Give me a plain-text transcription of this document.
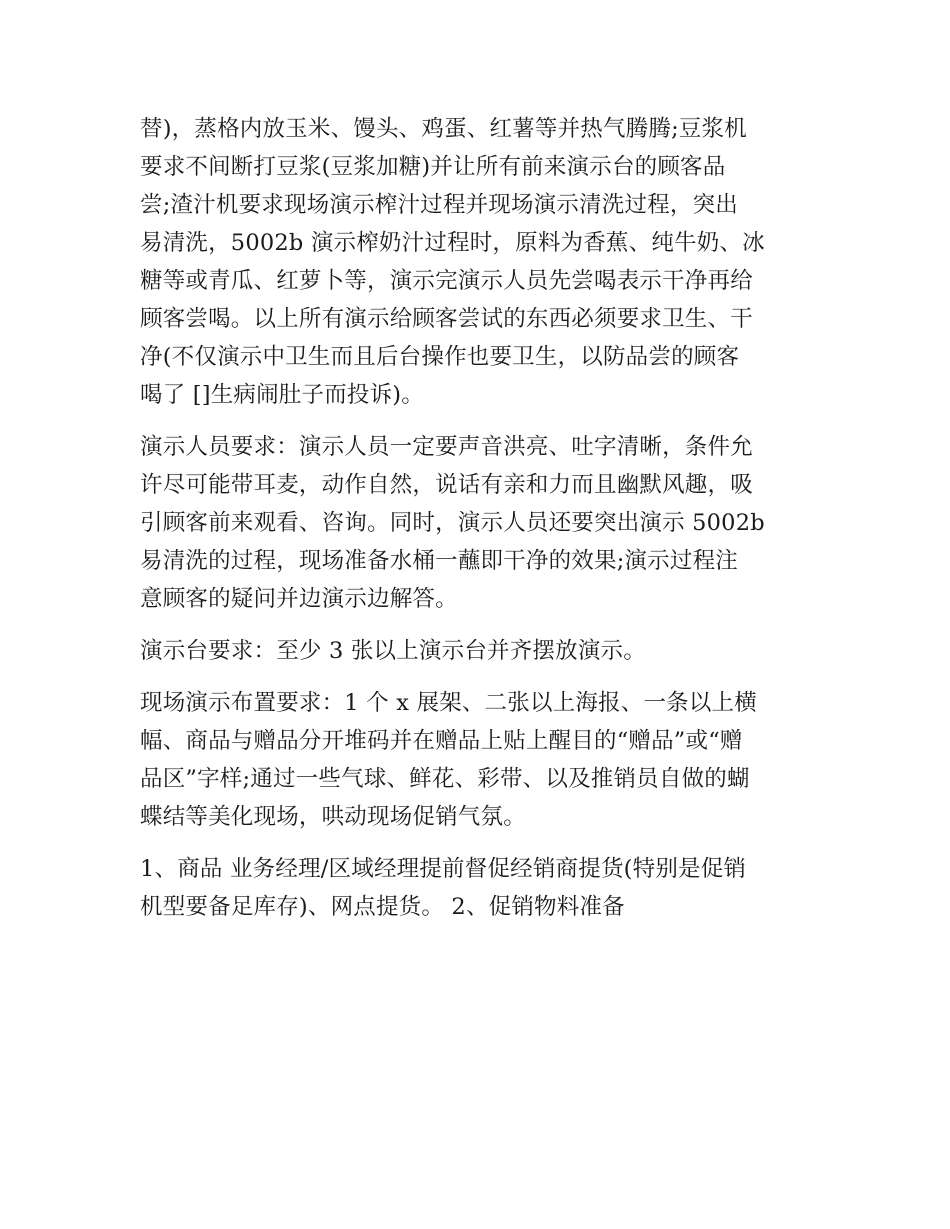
替)，蒸格内放玉米、馒头、鸡蛋、红薯等并热气腾腾;豆浆机
要求不间断打豆浆(豆浆加糖)并让所有前来演示台的顾客品
尝;渣汁机要求现场演示榨汁过程并现场演示清洗过程，突出
易清洗，5002b 演示榨奶汁过程时，原料为香蕉、纯牛奶、冰
糖等或青瓜、红萝卜等，演示完演示人员先尝喝表示干净再给
顾客尝喝。以上所有演示给顾客尝试的东西必须要求卫生、干
净(不仅演示中卫生而且后台操作也要卫生，以防品尝的顾客
喝了 []生病闹肚子而投诉)。
演示人员要求：演示人员一定要声音洪亮、吐字清晰，条件允
许尽可能带耳麦，动作自然，说话有亲和力而且幽默风趣，吸
引顾客前来观看、咨询。同时，演示人员还要突出演示 5002b
易清洗的过程，现场准备水桶一蘸即干净的效果;演示过程注
意顾客的疑问并边演示边解答。
演示台要求：至少 3 张以上演示台并齐摆放演示。
现场演示布置要求：1 个 x 展架、二张以上海报、一条以上横
幅、商品与赠品分开堆码并在赠品上贴上醒目的“赠品”或“赠
品区”字样;通过一些气球、鲜花、彩带、以及推销员自做的蝴
蝶结等美化现场，哄动现场促销气氛。
1、商品 业务经理/区域经理提前督促经销商提货(特别是促销
机型要备足库存)、网点提货。 2、促销物料准备
